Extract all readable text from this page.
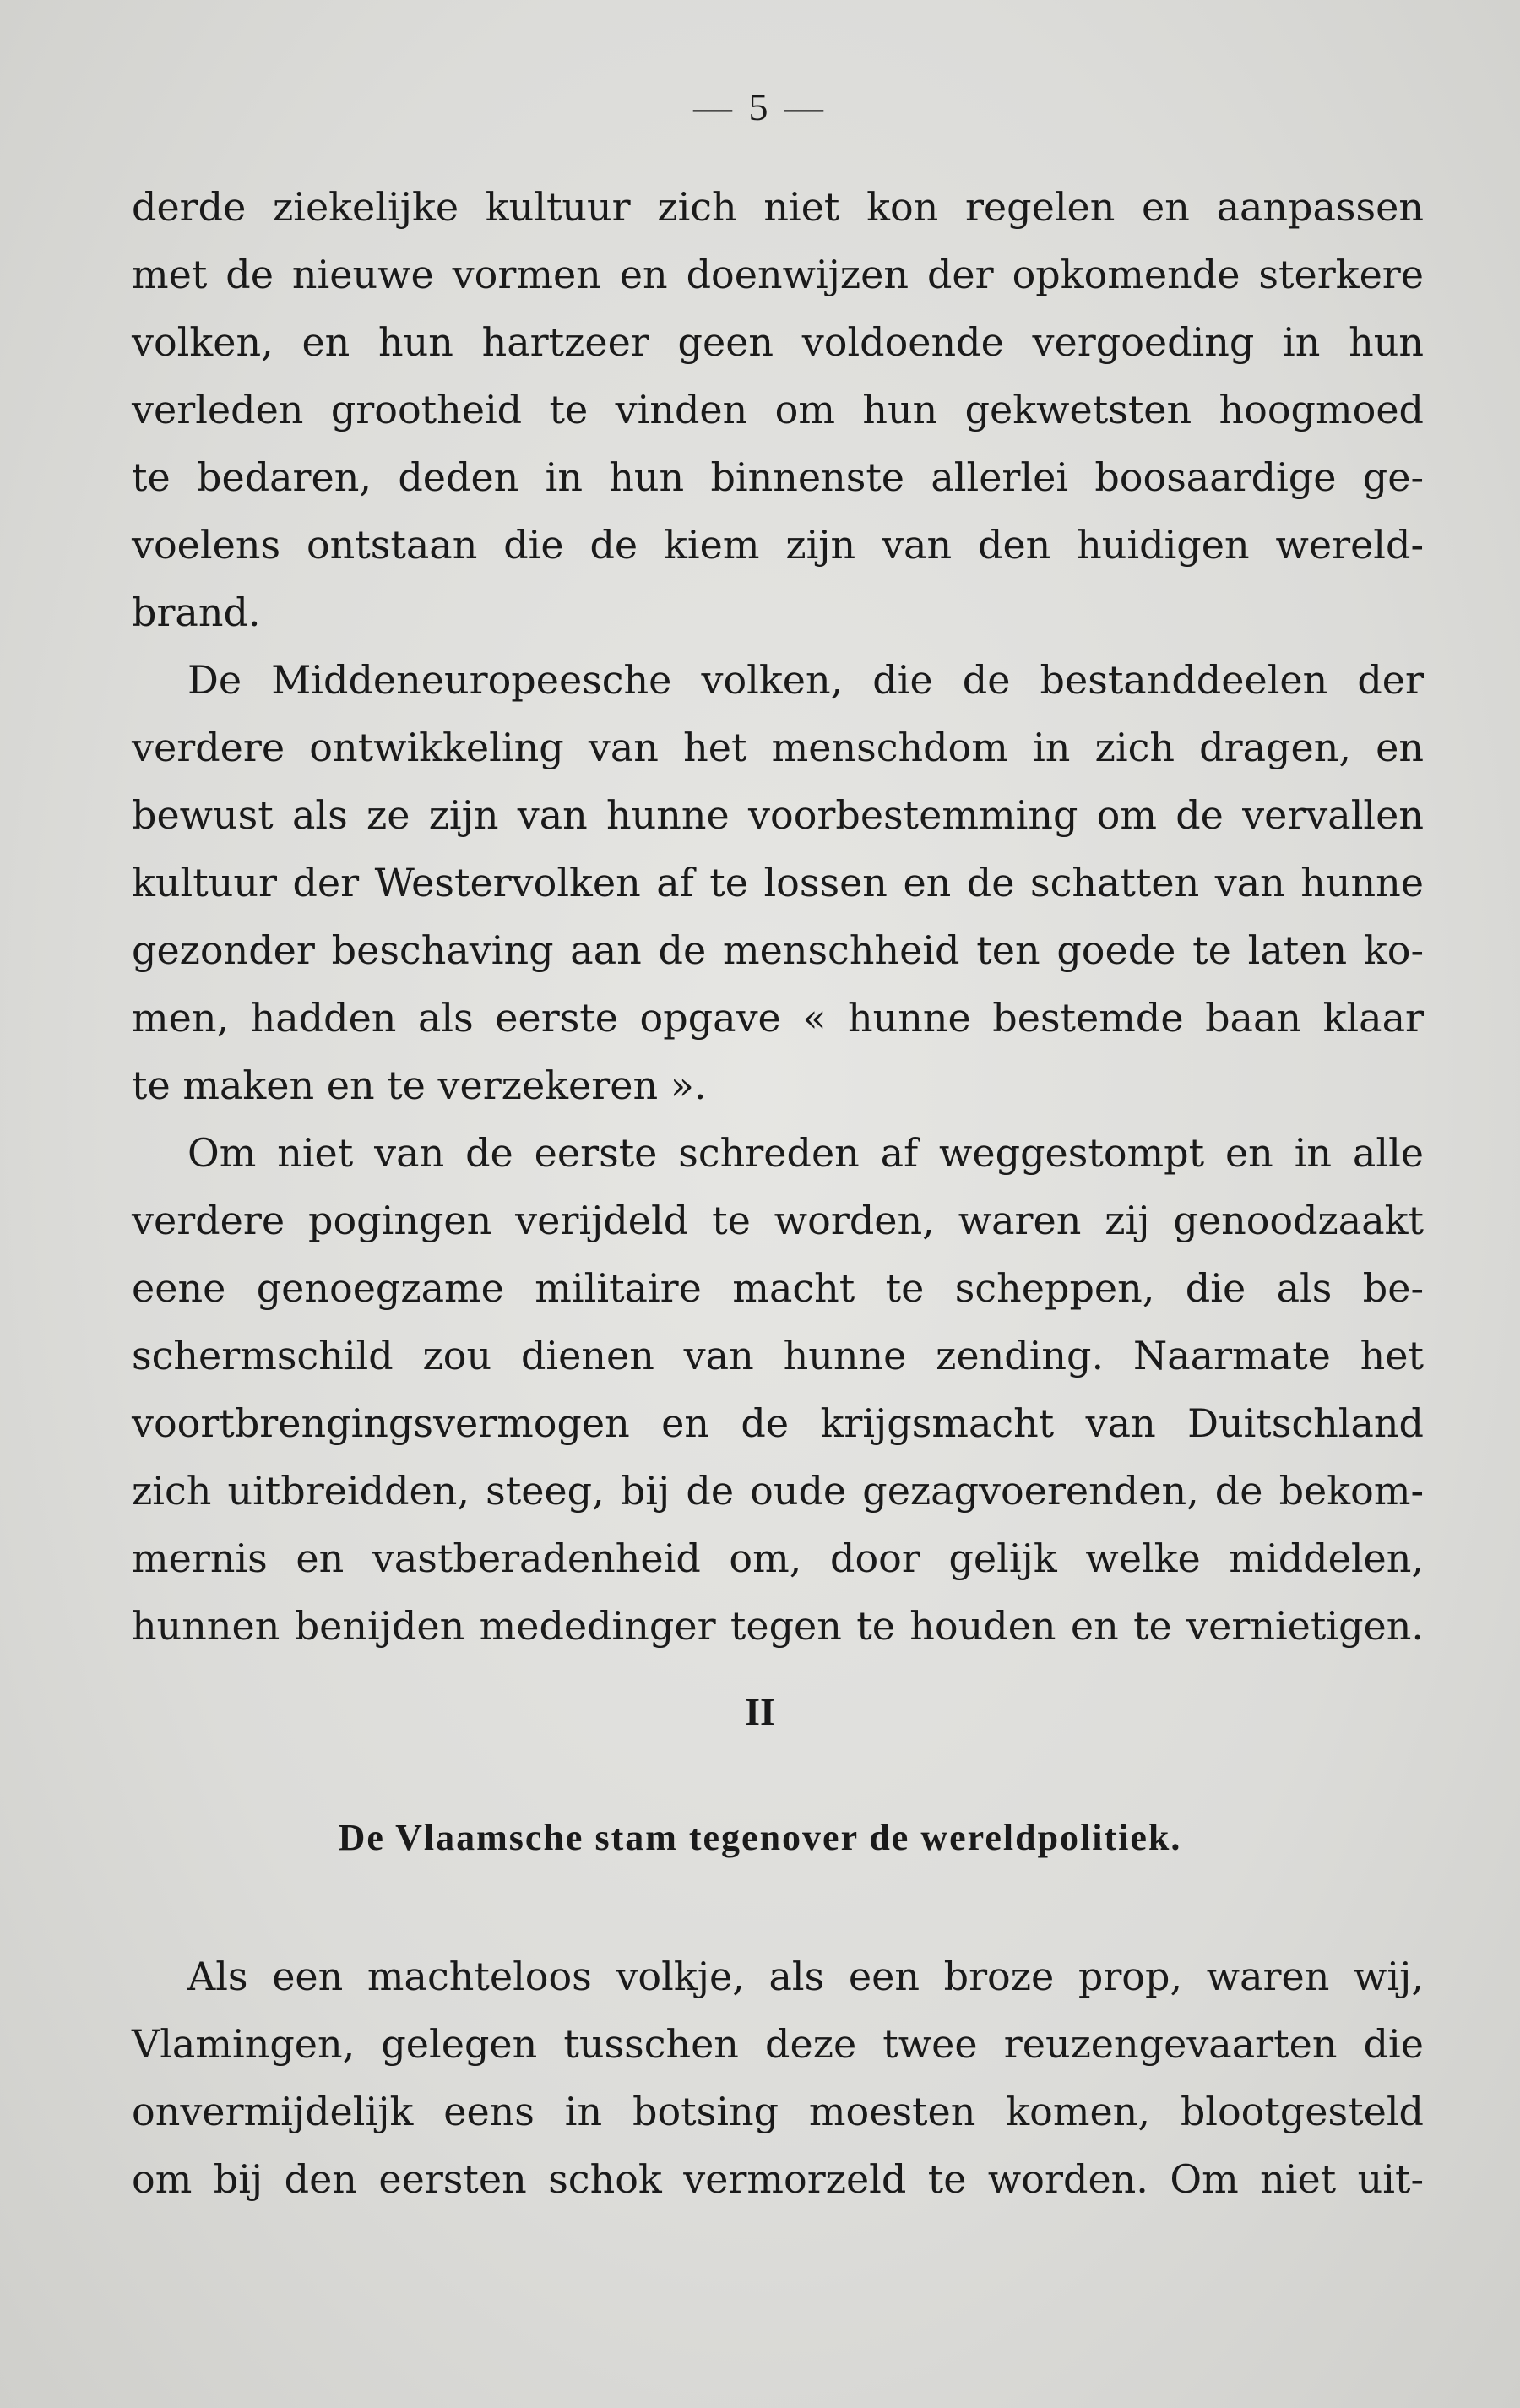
— 5 —
derde ziekelijke kultuur zich niet kon regelen en aanpassen
met de nieuwe vormen en doenwijzen der opkomende sterkere
volken, en hun hartzeer geen voldoende vergoeding in hun
verleden grootheid te vinden om hun gekwetsten hoogmoed
te bedaren, deden in hun binnenste allerlei boosaardige ge-
voelens ontstaan die de kiem zijn van den huidigen wereld-
brand.
De Middeneuropeesche volken, die de bestanddeelen der
verdere ontwikkeling van het menschdom in zich dragen, en
bewust als ze zijn van hunne voorbestemming om de vervallen
kultuur der Westervolken af te lossen en de schatten van hunne
gezonder beschaving aan de menschheid ten goede te laten ko-
men, hadden als eerste opgave « hunne bestemde baan klaar
te maken en te verzekeren ».
Om niet van de eerste schreden af weggestompt en in alle
verdere pogingen verijdeld te worden, waren zij genoodzaakt
eene genoegzame militaire macht te scheppen, die als be-
schermschild zou dienen van hunne zending. Naarmate het
voortbrengingsvermogen en de krijgsmacht van Duitschland
zich uitbreidden, steeg, bij de oude gezagvoerenden, de bekom-
mernis en vastberadenheid om, door gelijk welke middelen,
hunnen benijden mededinger tegen te houden en te vernietigen.
II
De Vlaamsche stam tegenover de wereldpolitiek.
Als een machteloos volkje, als een broze prop, waren wij,
Vlamingen, gelegen tusschen deze twee reuzengevaarten die
onvermijdelijk eens in botsing moesten komen, blootgesteld
om bij den eersten schok vermorzeld te worden. Om niet uit-
